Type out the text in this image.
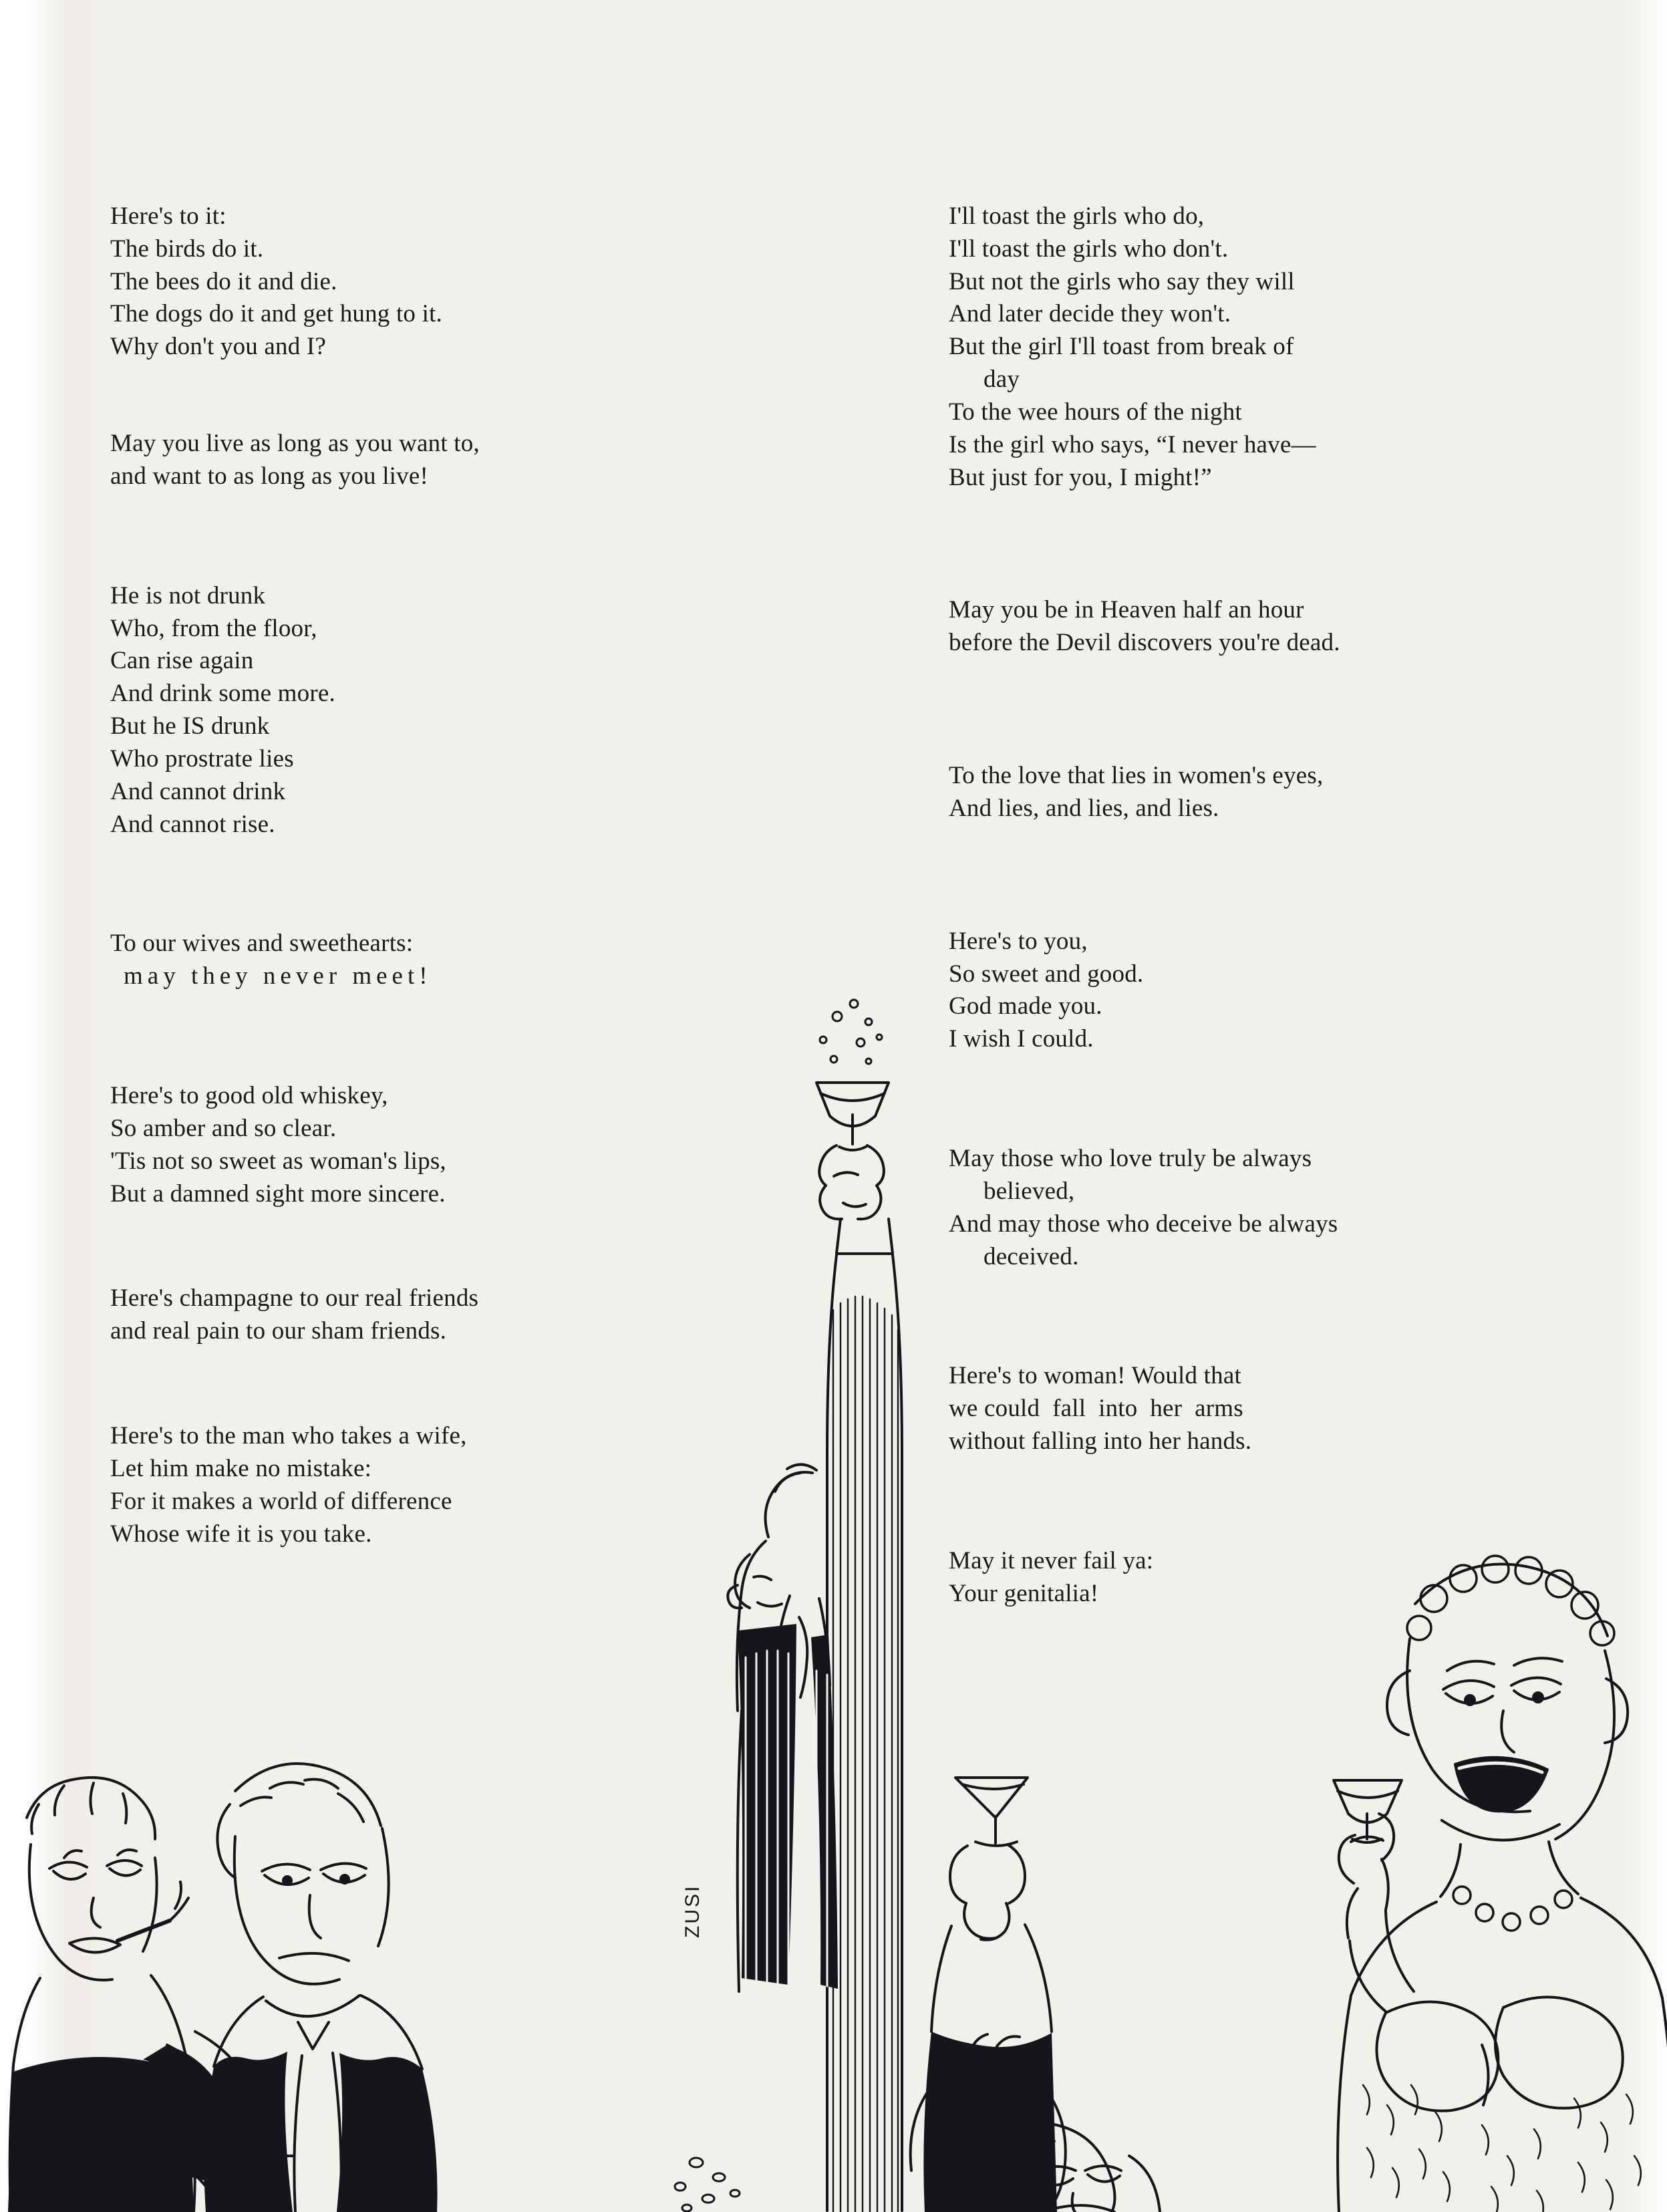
ZUSI
Here's to it:
The birds do it.
The bees do it and die.
The dogs do it and get hung to it.
Why don't you and I?
May you live as long as you want to,
and want to as long as you live!
He is not drunk
Who, from the floor,
Can rise again
And drink some more.
But he IS drunk
Who prostrate lies
And cannot drink
And cannot rise.
To our wives and sweethearts:
may they never meet!
Here's to good old whiskey,
So amber and so clear.
'Tis not so sweet as woman's lips,
But a damned sight more sincere.
Here's champagne to our real friends
and real pain to our sham friends.
Here's to the man who takes a wife,
Let him make no mistake:
For it makes a world of difference
Whose wife it is you take.
I'll toast the girls who do,
I'll toast the girls who don't.
But not the girls who say they will
And later decide they won't.
But the girl I'll toast from break of
day
To the wee hours of the night
Is the girl who says, “I never have—
But just for you, I might!”
May you be in Heaven half an hour
before the Devil discovers you're dead.
To the love that lies in women's eyes,
And lies, and lies, and lies.
Here's to you,
So sweet and good.
God made you.
I wish I could.
May those who love truly be always
believed,
And may those who deceive be always
deceived.
Here's to woman! Would that
we could  fall  into  her  arms
without falling into her hands.
May it never fail ya:
Your genitalia!
